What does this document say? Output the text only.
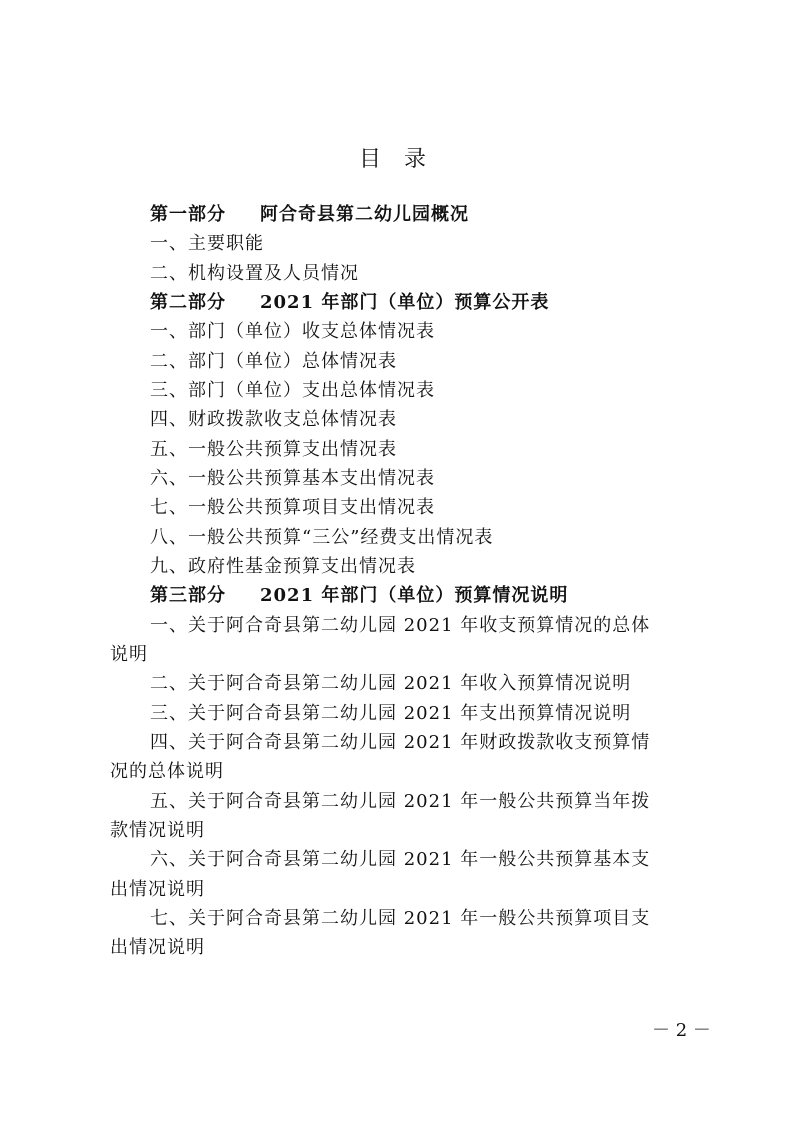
目 录
第一部分 阿合奇县第二幼儿园概况
一、主要职能
二、机构设置及人员情况
第二部分 2021 年部门（单位）预算公开表
一、部门（单位）收支总体情况表
二、部门（单位）总体情况表
三、部门（单位）支出总体情况表
四、财政拨款收支总体情况表
五、一般公共预算支出情况表
六、一般公共预算基本支出情况表
七、一般公共预算项目支出情况表
八、一般公共预算“三公”经费支出情况表
九、政府性基金预算支出情况表
第三部分 2021 年部门（单位）预算情况说明
一、关于阿合奇县第二幼儿园 2021 年收支预算情况的总体
说明
二、关于阿合奇县第二幼儿园 2021 年收入预算情况说明
三、关于阿合奇县第二幼儿园 2021 年支出预算情况说明
四、关于阿合奇县第二幼儿园 2021 年财政拨款收支预算情
况的总体说明
五、关于阿合奇县第二幼儿园 2021 年一般公共预算当年拨
款情况说明
六、关于阿合奇县第二幼儿园 2021 年一般公共预算基本支
出情况说明
七、关于阿合奇县第二幼儿园 2021 年一般公共预算项目支
出情况说明
－ 2 －
